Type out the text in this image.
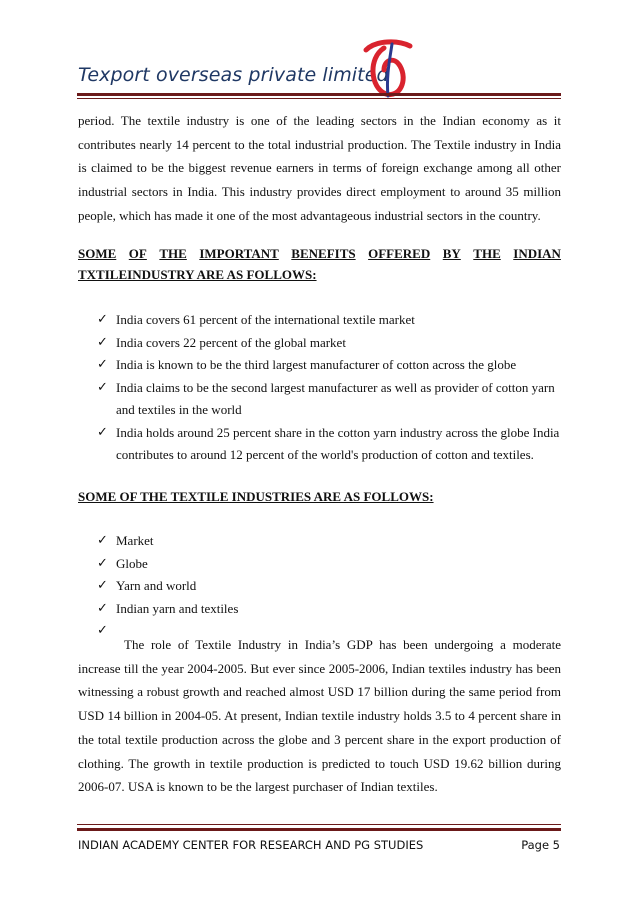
Texport overseas private limited

period. The textile industry is one of the leading sectors in the Indian economy as it contributes nearly 14 percent to the total industrial production. The Textile industry in India is claimed to be the biggest revenue earners in terms of foreign exchange among all other industrial sectors in India. This industry provides direct employment to around 35 million people, which has made it one of the most advantageous industrial sectors in the country.

SOME OF THE IMPORTANT BENEFITS OFFERED BY THE INDIAN
TXTILEINDUSTRY ARE AS FOLLOWS:
✓ India covers 61 percent of the international textile market
✓ India covers 22 percent of the global market
✓ India is known to be the third largest manufacturer of cotton across the globe
✓ India claims to be the second largest manufacturer as well as provider of cotton yarn and textiles in the world
✓ India holds around 25 percent share in the cotton yarn industry across the globe India contributes to around 12 percent of the world's production of cotton and textiles.
SOME OF THE TEXTILE INDUSTRIES ARE AS FOLLOWS:
✓ Market
✓ Globe
✓ Yarn and world
✓ Indian yarn and textiles
✓

The role of Textile Industry in India’s GDP has been undergoing a moderate increase till the year 2004-2005. But ever since 2005-2006, Indian textiles industry has been witnessing a robust growth and reached almost USD 17 billion during the same period from USD 14 billion in 2004-05. At present, Indian textile industry holds 3.5 to 4 percent share in the total textile production across the globe and 3 percent share in the export production of clothing. The growth in textile production is predicted to touch USD 19.62 billion during 2006-07. USA is known to be the largest purchaser of Indian textiles.

INDIAN ACADEMY CENTER FOR RESEARCH AND PG STUDIES	Page 5
